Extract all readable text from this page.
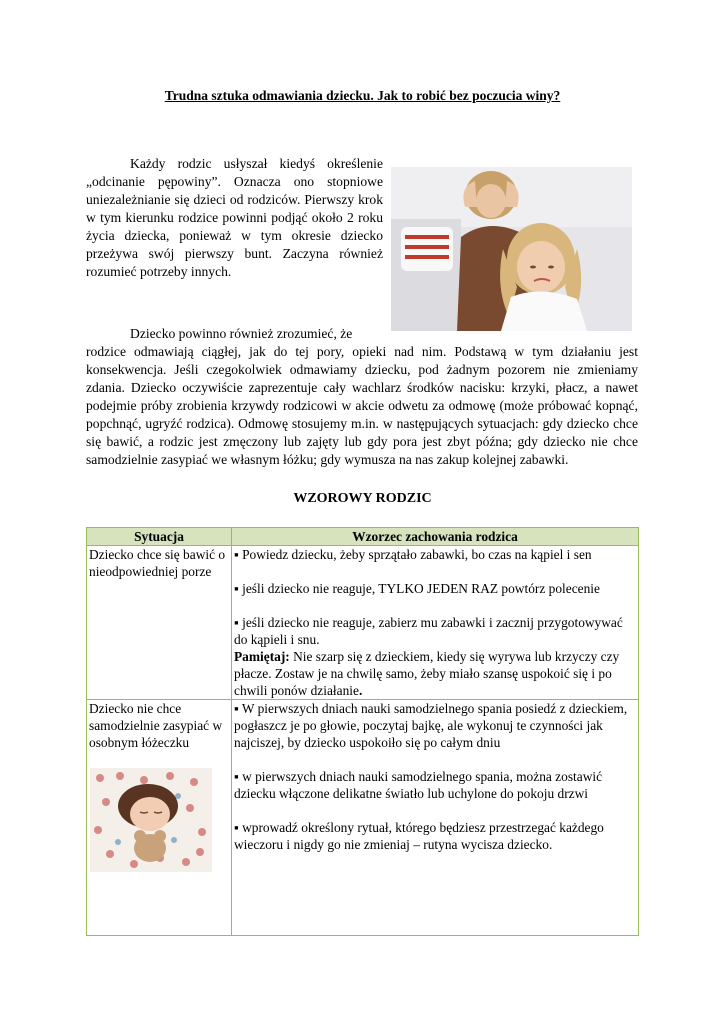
Trudna sztuka odmawiania dziecku. Jak to robić bez poczucia winy?

Każdy rodzic usłyszał kiedyś określenie „odcinanie pępowiny”. Oznacza ono stopniowe uniezależnianie się dzieci od rodziców. Pierwszy krok w tym kierunku rodzice powinni podjąć około 2 roku życia dziecka, ponieważ w tym okresie dziecko przeżywa swój pierwszy bunt. Zaczyna również rozumieć potrzeby innych.

Dziecko powinno również zrozumieć, że
rodzice odmawiają ciągłej, jak do tej pory, opieki nad nim. Podstawą w tym działaniu jest konsekwencja. Jeśli czegokolwiek odmawiamy dziecku, pod żadnym pozorem nie zmieniamy zdania. Dziecko oczywiście zaprezentuje cały wachlarz środków nacisku: krzyki, płacz, a nawet podejmie próby zrobienia krzywdy rodzicowi w akcie odwetu za odmowę (może próbować kopnąć, popchnąć, ugryźć rodzica). Odmowę stosujemy m.in. w następujących sytuacjach: gdy dziecko chce się bawić, a rodzic jest zmęczony lub zajęty lub gdy pora jest zbyt późna; gdy dziecko nie chce samodzielnie zasypiać we własnym łóżku; gdy wymusza na nas zakup kolejnej zabawki.

WZOROWY RODZIC
Sytuacja	Wzorzec zachowania rodzica

Dziecko chce się bawić o nieodpowiedniej porze	▪ Powiedz dziecku, żeby sprzątało zabawki, bo czas na kąpiel i sen

▪ jeśli dziecko nie reaguje, TYLKO JEDEN RAZ powtórz polecenie

▪ jeśli dziecko nie reaguje, zabierz mu zabawki i zacznij przygotowywać do kąpieli i snu.

Pamiętaj: Nie szarp się z dzieckiem, kiedy się wyrywa lub krzyczy czy płacze. Zostaw je na chwilę samo, żeby miało szansę uspokoić się i po chwili ponów działanie.

Dziecko nie chce samodzielnie zasypiać w osobnym łóżeczku	▪ W pierwszych dniach nauki samodzielnego spania posiedź z dzieckiem, pogłaszcz je po głowie, poczytaj bajkę, ale wykonuj te czynności jak najciszej, by dziecko uspokoiło się po całym dniu

▪ w pierwszych dniach nauki samodzielnego spania, można zostawić dziecku włączone delikatne światło lub uchylone do pokoju drzwi

▪ wprowadź określony rytuał, którego będziesz przestrzegać każdego wieczoru i nigdy go nie zmieniaj – rutyna wycisza dziecko.
